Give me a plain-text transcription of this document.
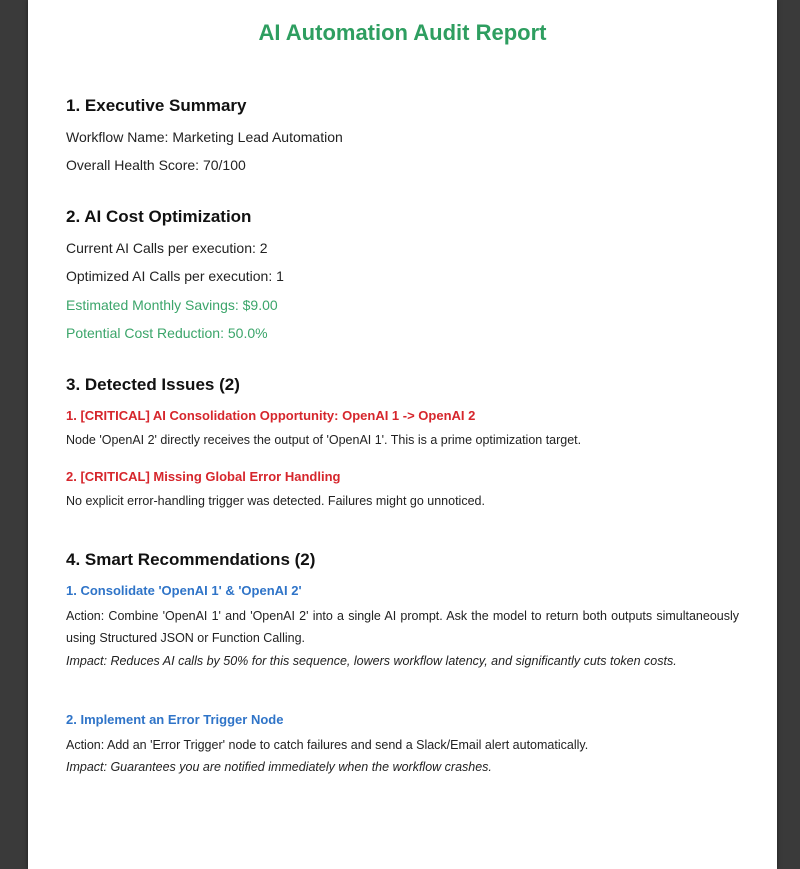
AI Automation Audit Report
1. Executive Summary
Workflow Name: Marketing Lead Automation
Overall Health Score: 70/100
2. AI Cost Optimization
Current AI Calls per execution: 2
Optimized AI Calls per execution: 1
Estimated Monthly Savings: $9.00
Potential Cost Reduction: 50.0%
3. Detected Issues (2)
1. [CRITICAL] AI Consolidation Opportunity: OpenAI 1 -> OpenAI 2
Node 'OpenAI 2' directly receives the output of 'OpenAI 1'. This is a prime optimization target.
2. [CRITICAL] Missing Global Error Handling
No explicit error-handling trigger was detected. Failures might go unnoticed.
4. Smart Recommendations (2)
1. Consolidate 'OpenAI 1' & 'OpenAI 2'
Action: Combine 'OpenAI 1' and 'OpenAI 2' into a single AI prompt. Ask the model to return both outputs simultaneously using Structured JSON or Function Calling.
Impact: Reduces AI calls by 50% for this sequence, lowers workflow latency, and significantly cuts token costs.
2. Implement an Error Trigger Node
Action: Add an 'Error Trigger' node to catch failures and send a Slack/Email alert automatically.
Impact: Guarantees you are notified immediately when the workflow crashes.
